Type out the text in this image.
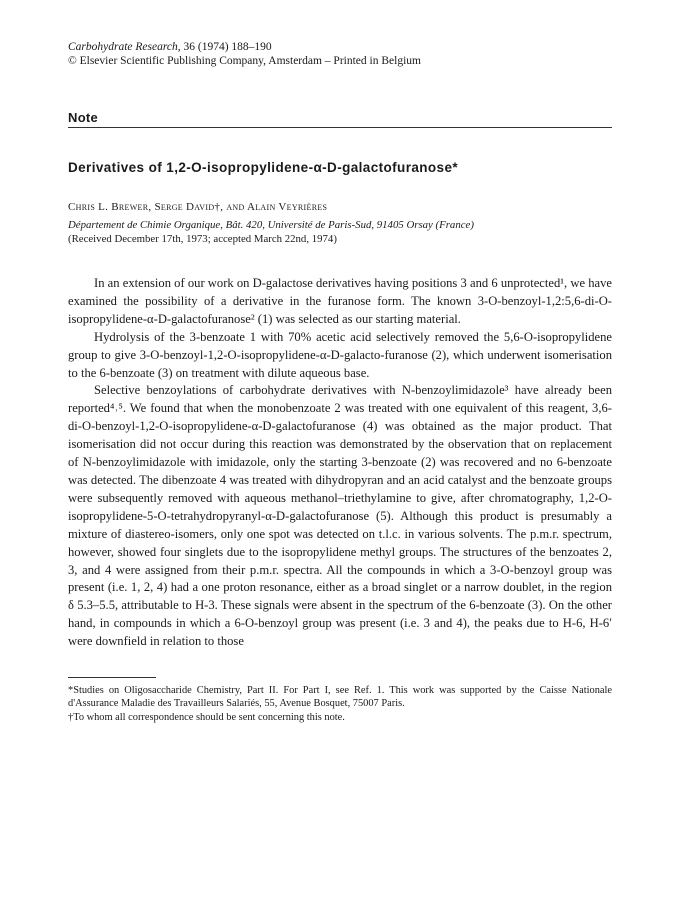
Carbohydrate Research, 36 (1974) 188–190
© Elsevier Scientific Publishing Company, Amsterdam – Printed in Belgium
Note
Derivatives of 1,2-O-isopropylidene-α-D-galactofuranose*
Chris L. Brewer, Serge David†, and Alain Veyrières
Département de Chimie Organique, Bât. 420, Université de Paris-Sud, 91405 Orsay (France)
(Received December 17th, 1973; accepted March 22nd, 1974)

In an extension of our work on D-galactose derivatives having positions 3 and 6 unprotected¹, we have examined the possibility of a derivative in the furanose form. The known 3-O-benzoyl-1,2:5,6-di-O-isopropylidene-α-D-galactofuranose² (1) was selected as our starting material.

Hydrolysis of the 3-benzoate 1 with 70% acetic acid selectively removed the 5,6-O-isopropylidene group to give 3-O-benzoyl-1,2-O-isopropylidene-α-D-galacto-furanose (2), which underwent isomerisation to the 6-benzoate (3) on treatment with dilute aqueous base.

Selective benzoylations of carbohydrate derivatives with N-benzoylimidazole³ have already been reported⁴˒⁵. We found that when the monobenzoate 2 was treated with one equivalent of this reagent, 3,6-di-O-benzoyl-1,2-O-isopropylidene-α-D-galactofuranose (4) was obtained as the major product. That isomerisation did not occur during this reaction was demonstrated by the observation that on replacement of N-benzoylimidazole with imidazole, only the starting 3-benzoate (2) was recovered and no 6-benzoate was detected. The dibenzoate 4 was treated with dihydropyran and an acid catalyst and the benzoate groups were subsequently removed with aqueous methanol–triethylamine to give, after chromatography, 1,2-O-isopropylidene-5-O-tetrahydropyranyl-α-D-galactofuranose (5). Although this product is presumably a mixture of diastereo-isomers, only one spot was detected on t.l.c. in various solvents. The p.m.r. spectrum, however, showed four singlets due to the isopropylidene methyl groups. The structures of the benzoates 2, 3, and 4 were assigned from their p.m.r. spectra. All the compounds in which a 3-O-benzoyl group was present (i.e. 1, 2, 4) had a one proton resonance, either as a broad singlet or a narrow doublet, in the region δ 5.3–5.5, attributable to H-3. These signals were absent in the spectrum of the 6-benzoate (3). On the other hand, in compounds in which a 6-O-benzoyl group was present (i.e. 3 and 4), the peaks due to H-6, H-6′ were downfield in relation to those

*Studies on Oligosaccharide Chemistry, Part II. For Part I, see Ref. 1. This work was supported by the Caisse Nationale d'Assurance Maladie des Travailleurs Salariés, 55, Avenue Bosquet, 75007 Paris.

†To whom all correspondence should be sent concerning this note.
